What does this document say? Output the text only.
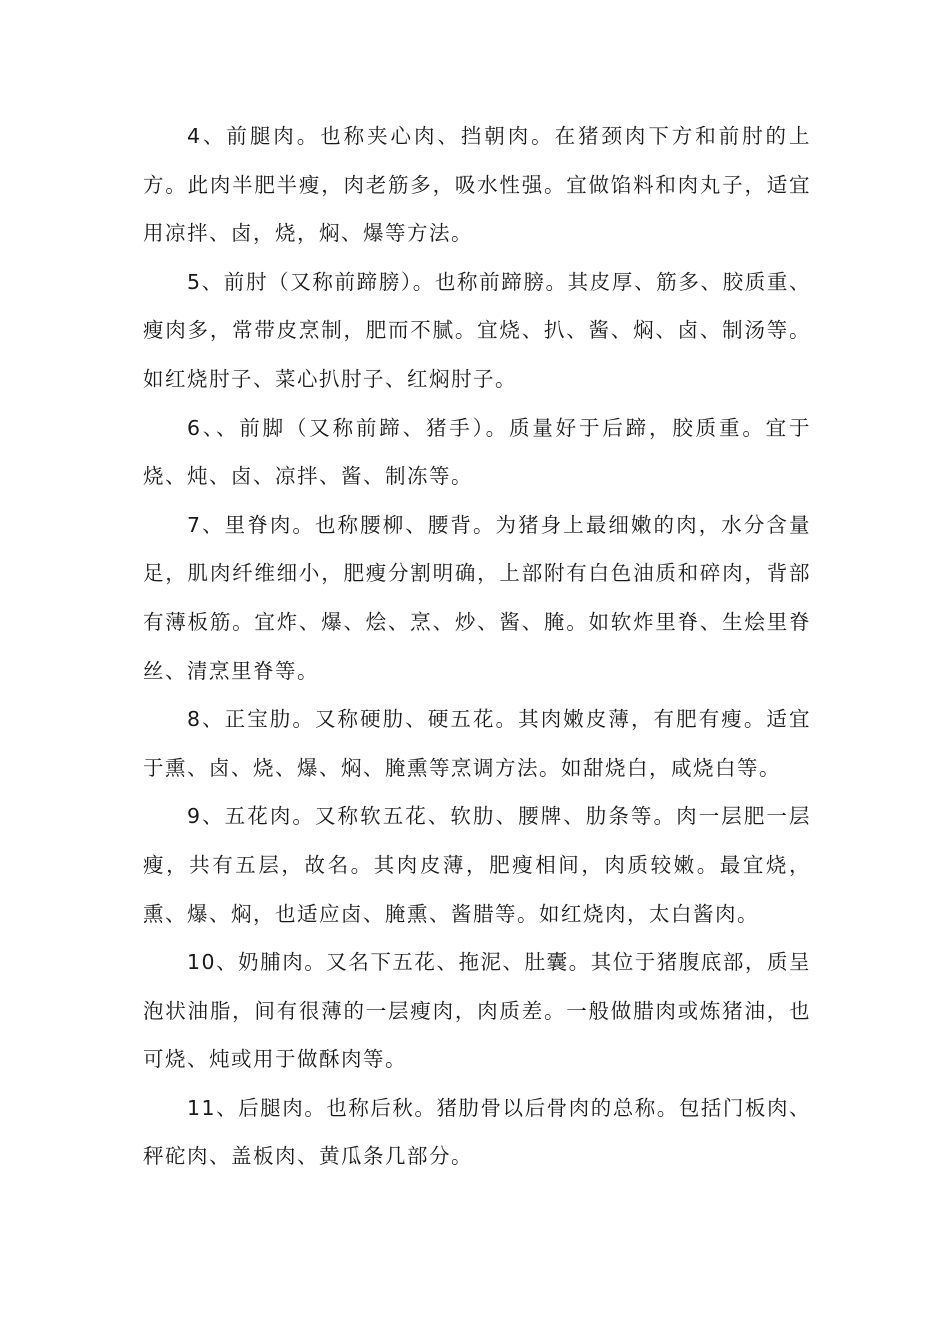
4、前腿肉。也称夹心肉、挡朝肉。在猪颈肉下方和前肘的上方。此肉半肥半瘦，肉老筋多，吸水性强。宜做馅料和肉丸子，适宜用凉拌、卤，烧，焖、爆等方法。

5、前肘（又称前蹄膀）。也称前蹄膀。其皮厚、筋多、胶质重、瘦肉多，常带皮烹制，肥而不腻。宜烧、扒、酱、焖、卤、制汤等。如红烧肘子、菜心扒肘子、红焖肘子。

6、、前脚（又称前蹄、猪手）。质量好于后蹄，胶质重。宜于烧、炖、卤、凉拌、酱、制冻等。

7、里脊肉。也称腰柳、腰背。为猪身上最细嫩的肉，水分含量足，肌肉纤维细小，肥瘦分割明确，上部附有白色油质和碎肉，背部有薄板筋。宜炸、爆、烩、烹、炒、酱、腌。如软炸里脊、生烩里脊丝、清烹里脊等。

8、正宝肋。又称硬肋、硬五花。其肉嫩皮薄，有肥有瘦。适宜于熏、卤、烧、爆、焖、腌熏等烹调方法。如甜烧白，咸烧白等。

9、五花肉。又称软五花、软肋、腰牌、肋条等。肉一层肥一层瘦，共有五层，故名。其肉皮薄，肥瘦相间，肉质较嫩。最宜烧，熏、爆、焖，也适应卤、腌熏、酱腊等。如红烧肉，太白酱肉。

10、奶脯肉。又名下五花、拖泥、肚囊。其位于猪腹底部，质呈泡状油脂，间有很薄的一层瘦肉，肉质差。一般做腊肉或炼猪油，也可烧、炖或用于做酥肉等。

11、后腿肉。也称后秋。猪肋骨以后骨肉的总称。包括门板肉、秤砣肉、盖板肉、黄瓜条几部分。
